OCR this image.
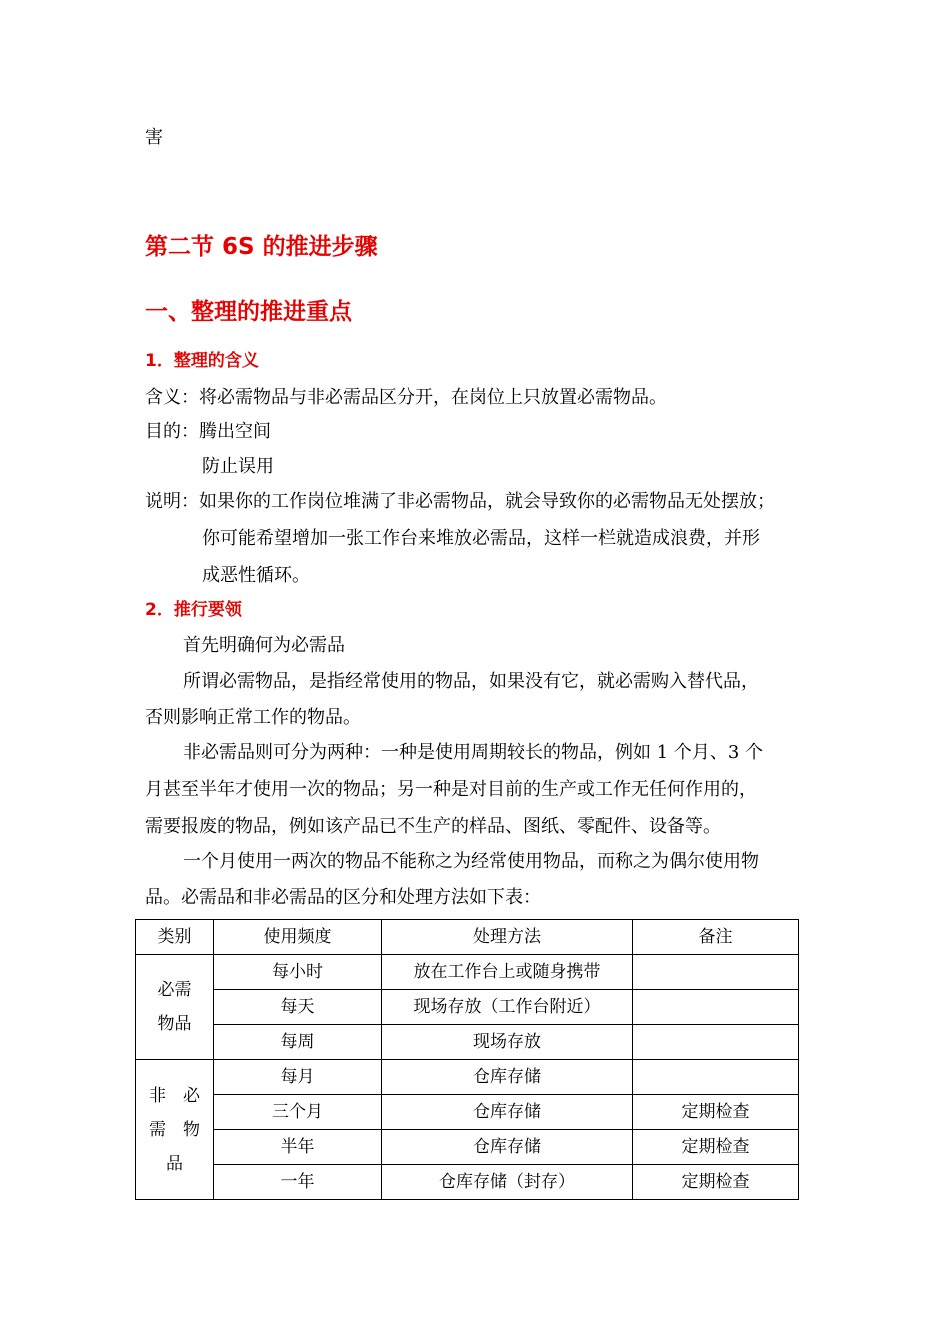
害
第二节 6S 的推进步骤
一、整理的推进重点
1．整理的含义
含义：将必需物品与非必需品区分开，在岗位上只放置必需物品。
目的：腾出空间
防止误用
说明：如果你的工作岗位堆满了非必需物品，就会导致你的必需物品无处摆放；
你可能希望增加一张工作台来堆放必需品，这样一栏就造成浪费，并形
成恶性循环。
2．推行要领
首先明确何为必需品
所谓必需物品，是指经常使用的物品，如果没有它，就必需购入替代品，
否则影响正常工作的物品。
非必需品则可分为两种：一种是使用周期较长的物品，例如 1 个月、3 个
月甚至半年才使用一次的物品；另一种是对目前的生产或工作无任何作用的，
需要报废的物品，例如该产品已不生产的样品、图纸、零配件、设备等。
一个月使用一两次的物品不能称之为经常使用物品，而称之为偶尔使用物
品。必需品和非必需品的区分和处理方法如下表：
类别	使用频度	处理方法	备注

必需
物品	每小时	放在工作台上或随身携带	
	每天	现场存放（工作台附近）	
	每周	现场存放	

非　必
需　物
品	每月	仓库存储	
	三个月	仓库存储	定期检查
	半年	仓库存储	定期检查
	一年	仓库存储（封存）	定期检查
